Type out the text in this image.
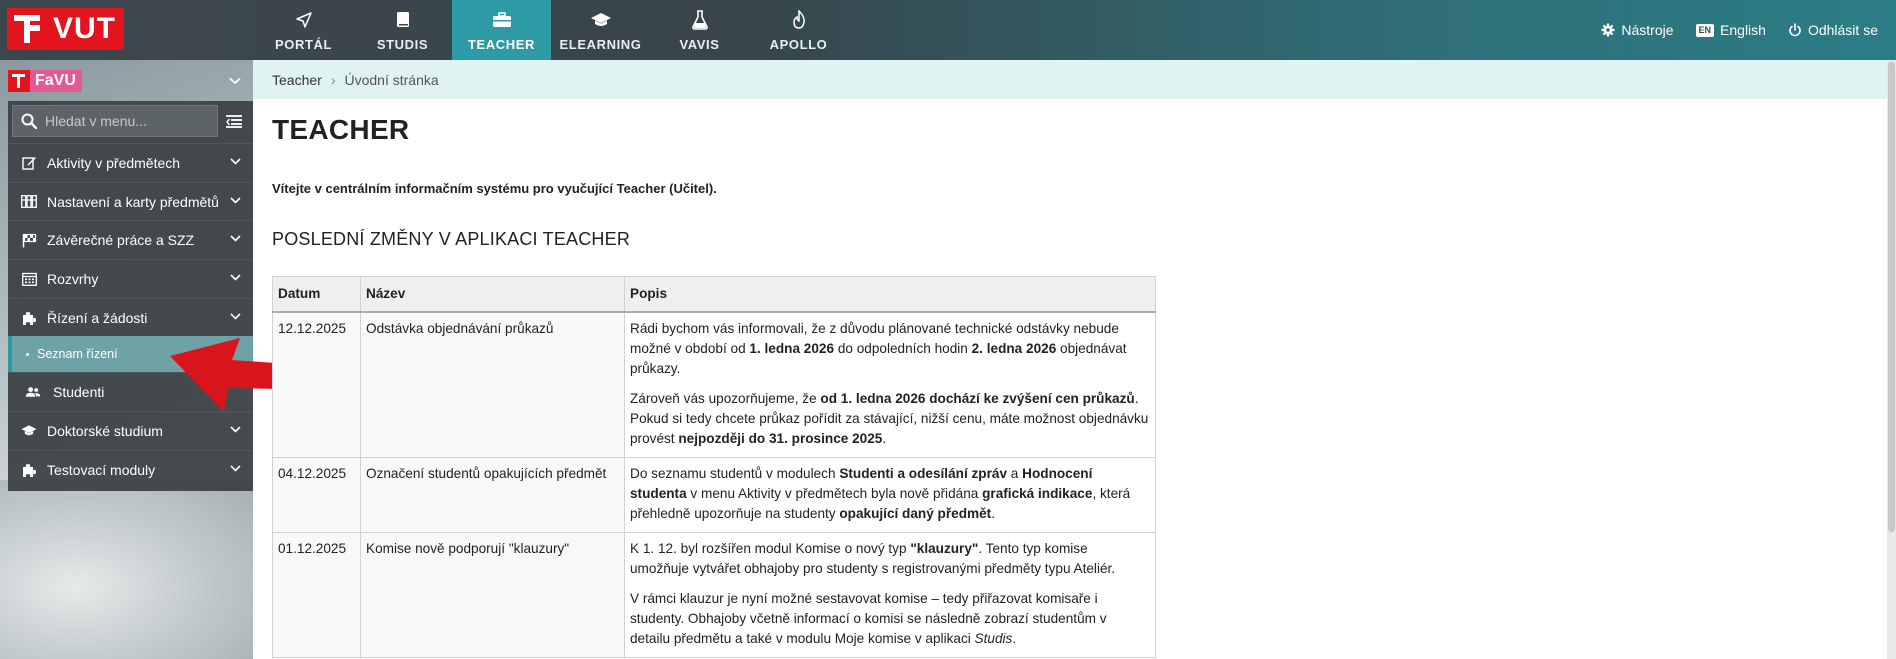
VUT	PORTÁL	STUDIS	TEACHER ELEARNING	VAVIS	APOLLO
Nástroje	EN English	Odhlásit se
FaVU
Hledat v menu...
Aktivity v předmětech
Nastavení a karty předmětů
Závěrečné práce a SZZ
Rozvrhy
Řízení a žádosti
Seznam řízení
Studenti
Doktorské studium
Testovací moduly
Teacher › Úvodní stránka
TEACHER
Vítejte v centrálním informačním systému pro vyučující Teacher (Učitel).
POSLEDNÍ ZMĚNY V APLIKACI TEACHER
Datum	Název	Popis
12.12.2025	Odstávka objednávání průkazů	Rádi bychom vás informovali, že z důvodu plánované technické odstávky nebude možné v období od 1. ledna 2026 do odpoledních hodin 2. ledna 2026 objednávat průkazy.

Zároveň vás upozorňujeme, že od 1. ledna 2026 dochází ke zvýšení cen průkazů. Pokud si tedy chcete průkaz pořídit za stávající, nižší cenu, máte možnost objednávku provést nejpozději do 31. prosince 2025.

04.12.2025	Označení studentů opakujících předmět	Do seznamu studentů v modulech Studenti a odesílání zpráv a Hodnocení studenta v menu Aktivity v předmětech byla nově přidána grafická indikace, která přehledně upozorňuje na studenty opakující daný předmět.

01.12.2025	Komise nově podporují "klauzury"	K 1. 12. byl rozšířen modul Komise o nový typ "klauzury". Tento typ komise umožňuje vytvářet obhajoby pro studenty s registrovanými předměty typu Ateliér.

V rámci klauzur je nyní možné sestavovat komise – tedy přiřazovat komisaře i studenty. Obhajoby včetně informací o komisi se následně zobrazí studentům v detailu předmětu a také v modulu Moje komise v aplikaci Studis.
